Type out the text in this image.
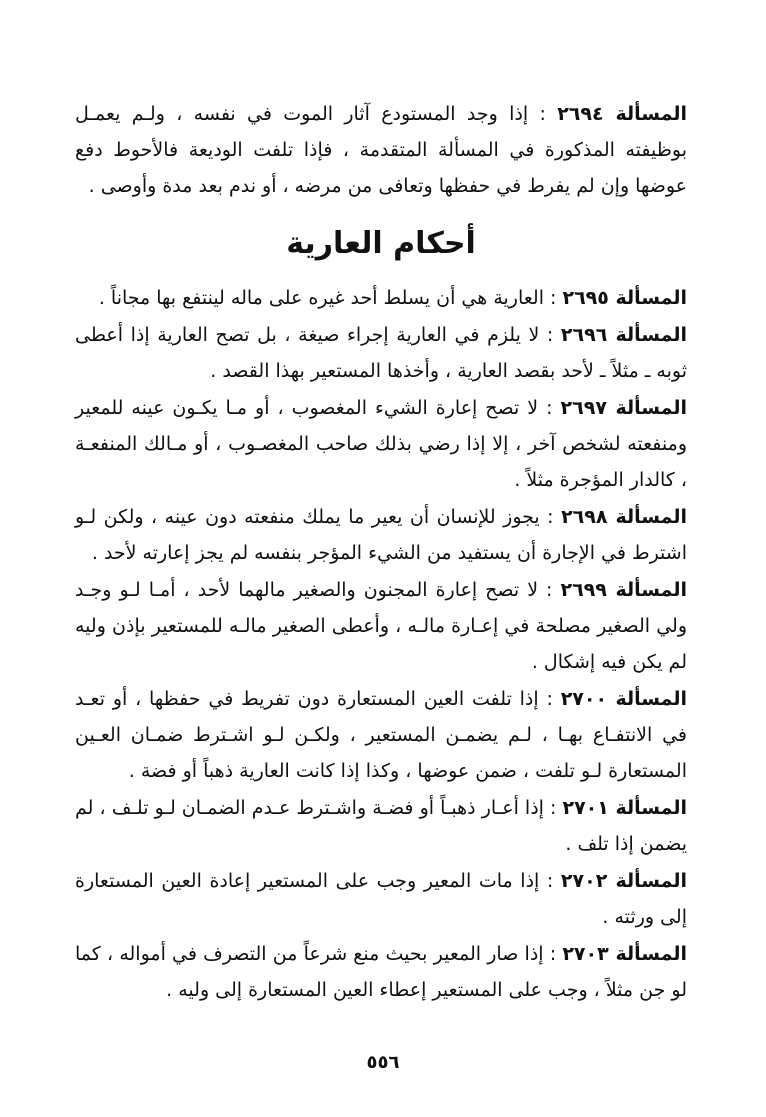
المسألة ٢٦٩٤ : إذا وجد المستودع آثار الموت في نفسه ، ولـم يعمـل بوظيفته المذكورة في المسألة المتقدمة ، فإذا تلفت الوديعة فالأحوط دفع عوضها وإن لم يفرط في حفظها وتعافى من مرضه ، أو ندم بعد مدة وأوصى .

أحكام العارية

المسألة ٢٦٩٥ : العارية هي أن يسلط أحد غيره على ماله لينتفع بها مجاناً .

المسألة ٢٦٩٦ : لا يلزم في العارية إجراء صيغة ، بل تصح العارية إذا أعطى ثوبه ـ مثلاً ـ لأحد بقصد العارية ، وأخذها المستعير بهذا القصد .

المسألة ٢٦٩٧ : لا تصح إعارة الشيء المغصوب ، أو مـا يكـون عينه للمعير ومنفعته لشخص آخر ، إلا إذا رضي بذلك صاحب المغصـوب ، أو مـالك المنفعـة ، كالدار المؤجرة مثلاً .

المسألة ٢٦٩٨ : يجوز للإنسان أن يعير ما يملك منفعته دون عينه ، ولكن لـو اشترط في الإجارة أن يستفيد من الشيء المؤجر بنفسه لم يجز إعارته لأحد .

المسألة ٢٦٩٩ : لا تصح إعارة المجنون والصغير مالهما لأحد ، أمـا لـو وجـد ولي الصغير مصلحة في إعـارة مالـه ، وأعطى الصغير مالـه للمستعير بإذن وليه لم يكن فيه إشكال .

المسألة ٢٧٠٠ : إذا تلفت العين المستعارة دون تفريط في حفظها ، أو تعـد في الانتفـاع بهـا ، لـم يضمـن المستعير ، ولكـن لـو اشـترط ضمـان العـين المستعارة لـو تلفت ، ضمن عوضها ، وكذا إذا كانت العارية ذهباً أو فضة .

المسألة ٢٧٠١ : إذا أعـار ذهبـاً أو فضـة واشـترط عـدم الضمـان لـو تلـف ، لم يضمن إذا تلف .

المسألة ٢٧٠٢ : إذا مات المعير وجب على المستعير إعادة العين المستعارة إلى ورثته .

المسألة ٢٧٠٣ : إذا صار المعير بحيث منع شرعاً من التصرف في أمواله ، كما لو جن مثلاً ، وجب على المستعير إعطاء العين المستعارة إلى وليه .

٥٥٦
